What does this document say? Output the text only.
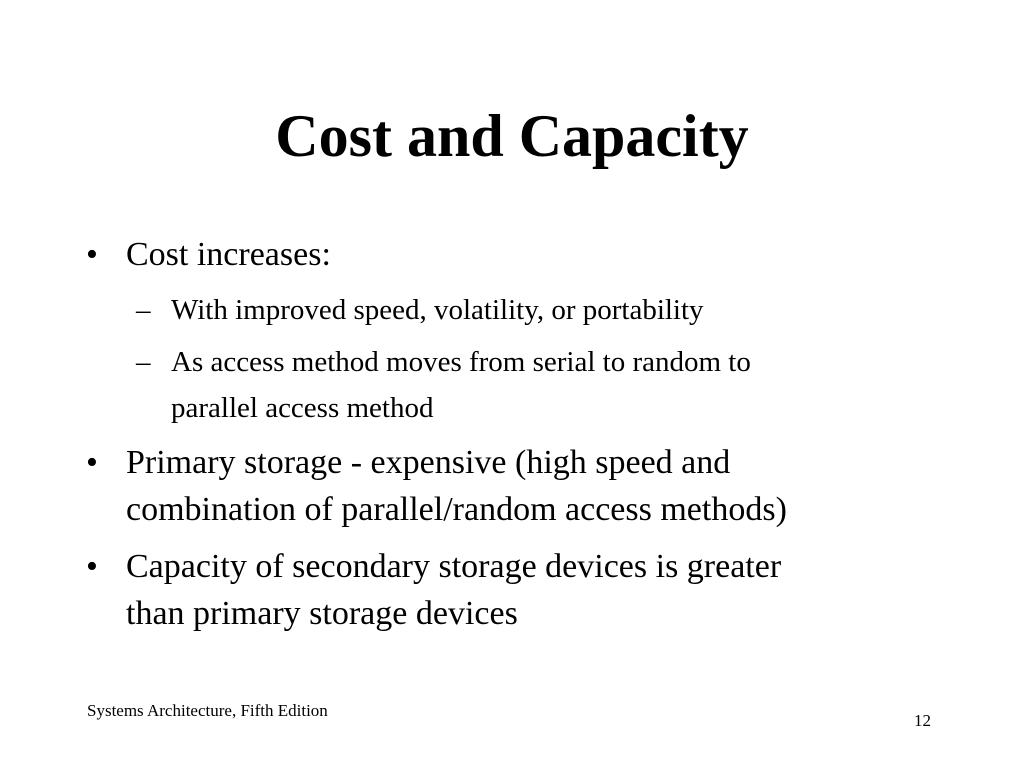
Cost and Capacity
• Cost increases:
– With improved speed, volatility, or portability
– As access method moves from serial to random to
parallel access method
• Primary storage - expensive (high speed and
combination of parallel/random access methods)
• Capacity of secondary storage devices is greater
than primary storage devices
Systems Architecture, Fifth Edition
12
